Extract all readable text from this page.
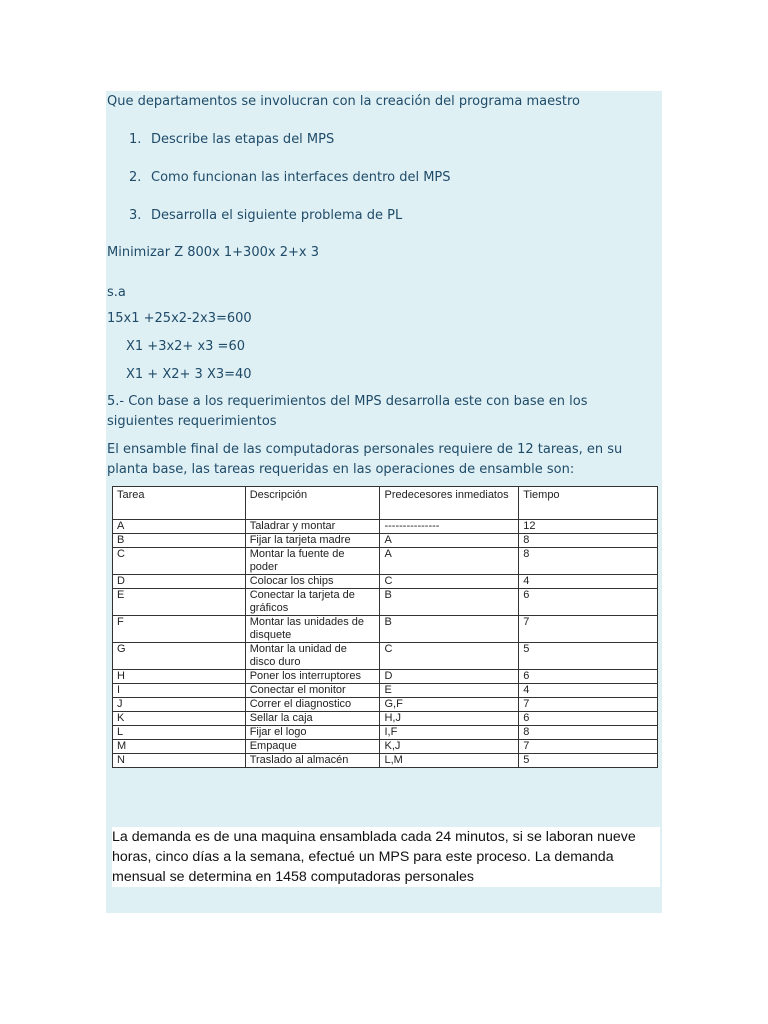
Que departamentos se involucran con la creación del programa maestro
1. Describe las etapas del MPS
2. Como funcionan las interfaces dentro del MPS
3. Desarrolla el siguiente problema de PL
Minimizar Z 800x 1+300x 2+x 3
s.a
15x1 +25x2-2x3=600
X1 +3x2+ x3 =60
X1 + X2+ 3 X3=40
5.- Con base a los requerimientos del MPS desarrolla este con base en los siguientes requerimientos
El ensamble final de las computadoras personales requiere de 12 tareas, en su planta base, las tareas requeridas en las operaciones de ensamble son:
Tarea	Descripción	Predecesores inmediatos	Tiempo
A	Taladrar y montar	---------------	12
B	Fijar la tarjeta madre	A	8
C	Montar la fuente de poder	A	8
D	Colocar los chips	C	4
E	Conectar la tarjeta de gráficos	B	6
F	Montar las unidades de disquete	B	7
G	Montar la unidad de disco duro	C	5
H	Poner los interruptores	D	6
I	Conectar el monitor	E	4
J	Correr el diagnostico	G,F	7
K	Sellar la caja	H,J	6
L	Fijar el logo	I,F	8
M	Empaque	K,J	7
N	Traslado al almacén	L,M	5
La demanda es de una maquina ensamblada cada 24 minutos, si se laboran nueve horas, cinco días a la semana, efectué un MPS para este proceso. La demanda mensual se determina en 1458 computadoras personales
